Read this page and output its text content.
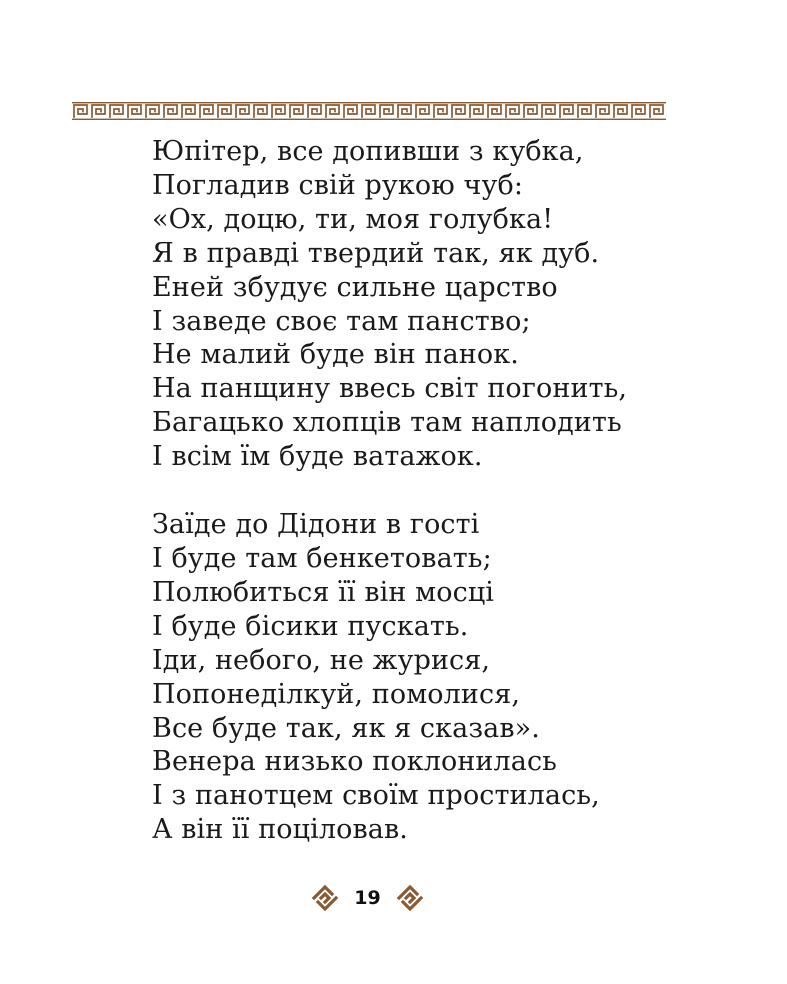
Юпітер, все допивши з кубка,
Погладив свій рукою чуб:
«Ох, доцю, ти, моя голубка!
Я в правді твердий так, як дуб.
Еней збудує сильне царство
І заведе своє там панство;
Не малий буде він панок.
На панщину ввесь світ погонить,
Багацько хлопців там наплодить
І всім їм буде ватажок.
Заїде до Дідони в гості
І буде там бенкетовать;
Полюбиться її він мосці
І буде бісики пускать.
Іди, небого, не журися,
Попонеділкуй, помолися,
Все буде так, як я сказав».
Венера низько поклонилась
І з панотцем своїм простилась,
А він її поціловав.
19
